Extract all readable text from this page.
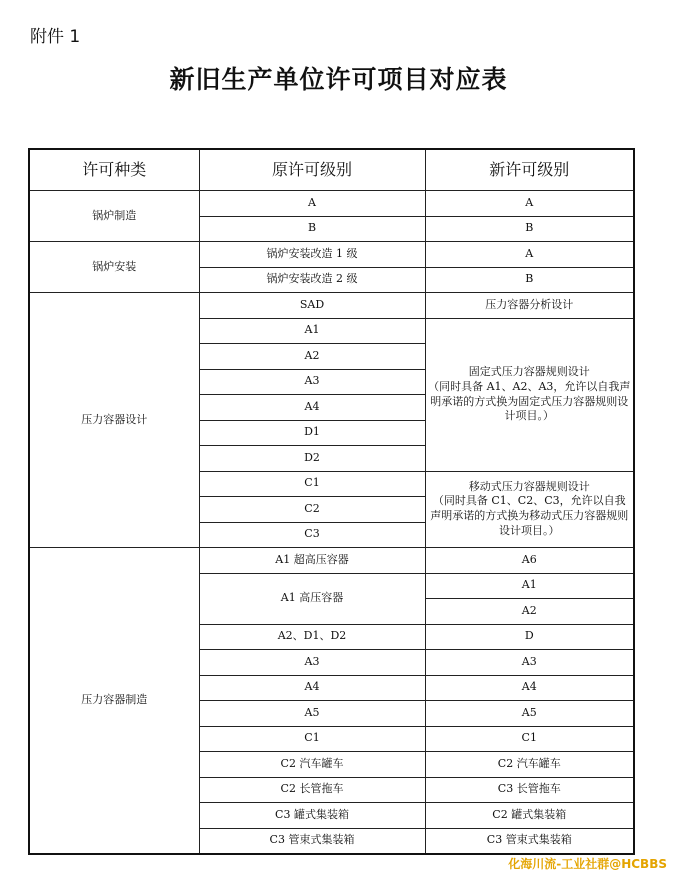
附件 1
新旧生产单位许可项目对应表
许可种类	原许可级别	新许可级别
锅炉制造	A	A
	B	B
锅炉安装	锅炉安装改造 1 级	A
	锅炉安装改造 2 级	B
压力容器设计	SAD	压力容器分析设计
	A1	固定式压力容器规则设计
（同时具备 A1、A2、A3，允许以自我声明承诺的方式换为固定式压力容器规则设计项目。）
	A2	
	A3	
	A4	
	D1	
	D2	
	C1	移动式压力容器规则设计
（同时具备 C1、C2、C3，允许以自我声明承诺的方式换为移动式压力容器规则设计项目。）
	C2	
	C3	
压力容器制造	A1 超高压容器	A6
	A1 高压容器	A1
		A2
	A2、D1、D2	D
	A3	A3
	A4	A4
	A5	A5
	C1	C1
	C2 汽车罐车	C2 汽车罐车
	C2 长管拖车	C3 长管拖车
	C3 罐式集装箱	C2 罐式集装箱
	C3 管束式集装箱	C3 管束式集装箱
化海川流-工业社群@HCBBS
